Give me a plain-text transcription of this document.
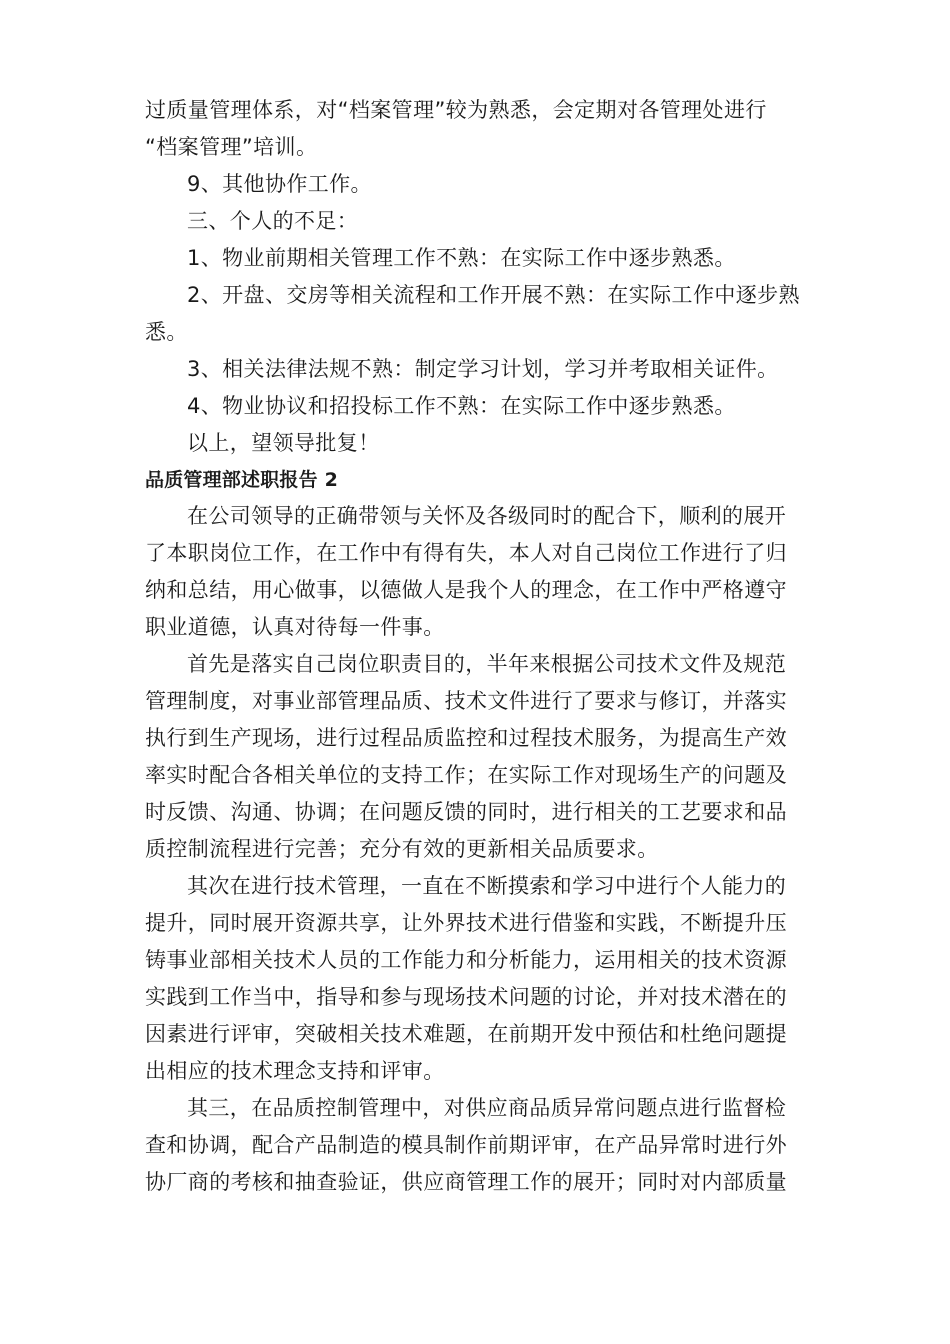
过质量管理体系，对“档案管理”较为熟悉，会定期对各管理处进行
“档案管理”培训。
9、其他协作工作。
三、个人的不足：
1、物业前期相关管理工作不熟：在实际工作中逐步熟悉。
2、开盘、交房等相关流程和工作开展不熟：在实际工作中逐步熟
悉。
3、相关法律法规不熟：制定学习计划，学习并考取相关证件。
4、物业协议和招投标工作不熟：在实际工作中逐步熟悉。
以上，望领导批复！
品质管理部述职报告 2
在公司领导的正确带领与关怀及各级同时的配合下，顺利的展开
了本职岗位工作，在工作中有得有失，本人对自己岗位工作进行了归
纳和总结，用心做事，以德做人是我个人的理念，在工作中严格遵守
职业道德，认真对待每一件事。
首先是落实自己岗位职责目的，半年来根据公司技术文件及规范
管理制度，对事业部管理品质、技术文件进行了要求与修订，并落实
执行到生产现场，进行过程品质监控和过程技术服务，为提高生产效
率实时配合各相关单位的支持工作；在实际工作对现场生产的问题及
时反馈、沟通、协调；在问题反馈的同时，进行相关的工艺要求和品
质控制流程进行完善；充分有效的更新相关品质要求。
其次在进行技术管理，一直在不断摸索和学习中进行个人能力的
提升，同时展开资源共享，让外界技术进行借鉴和实践，不断提升压
铸事业部相关技术人员的工作能力和分析能力，运用相关的技术资源
实践到工作当中，指导和参与现场技术问题的讨论，并对技术潜在的
因素进行评审，突破相关技术难题，在前期开发中预估和杜绝问题提
出相应的技术理念支持和评审。
其三，在品质控制管理中，对供应商品质异常问题点进行监督检
查和协调，配合产品制造的模具制作前期评审，在产品异常时进行外
协厂商的考核和抽查验证，供应商管理工作的展开；同时对内部质量
